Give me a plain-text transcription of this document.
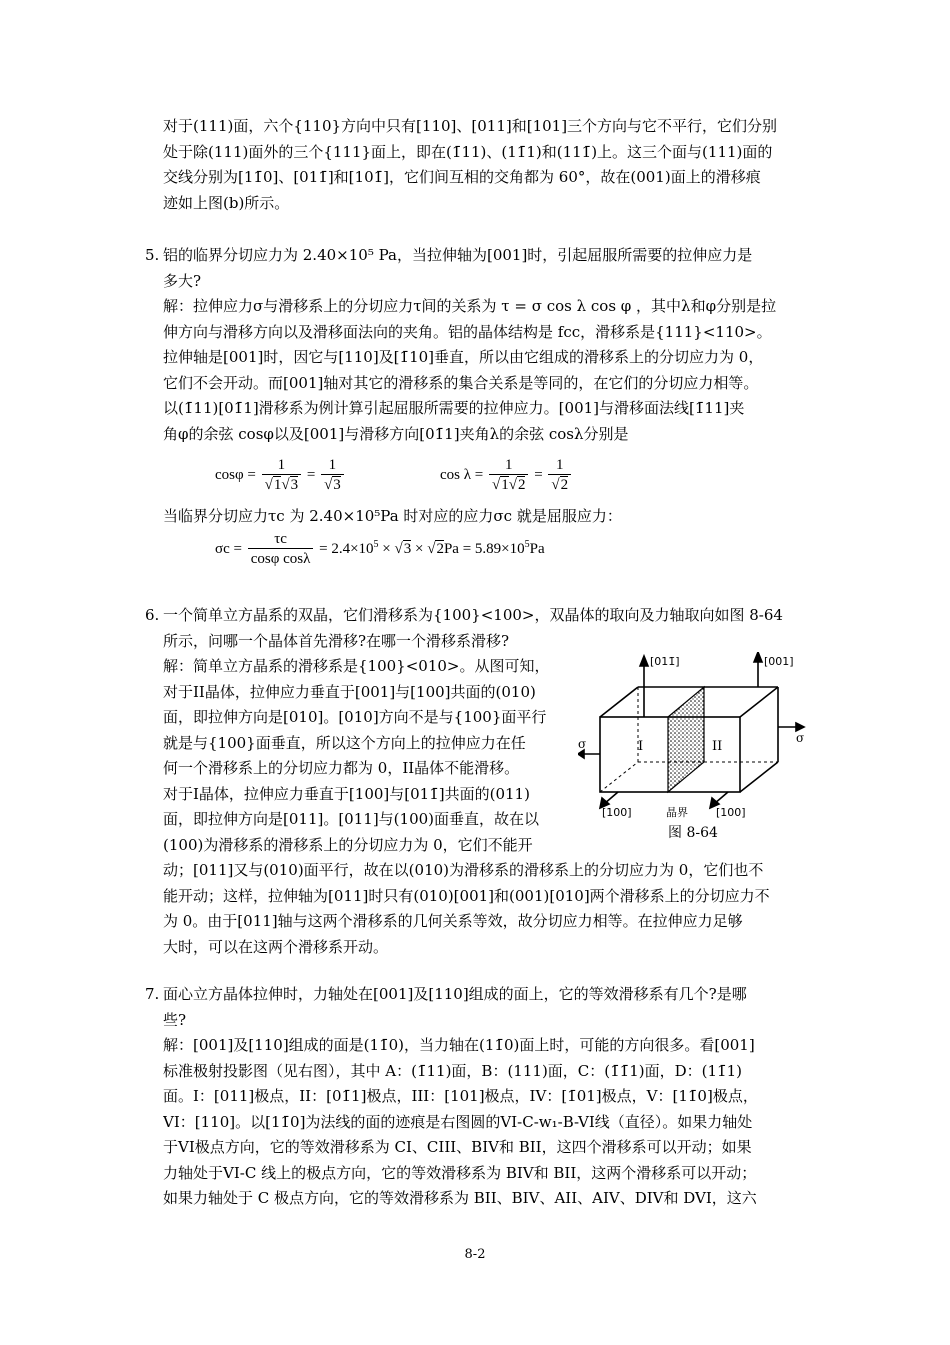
对于(111)面，六个{110}方向中只有[110]、[011]和[101]三个方向与它不平行，它们分别
处于除(111)面外的三个{111}面上，即在(1̄11)、(11̄1)和(111̄)上。这三个面与(111)面的
交线分别为[11̄0]、[011̄]和[101̄]，它们间互相的交角都为 60°，故在(001)面上的滑移痕
迹如上图(b)所示。
5. 铝的临界分切应力为 2.40×10⁵ Pa，当拉伸轴为[001]时，引起屈服所需要的拉伸应力是
多大?
解：拉伸应力σ与滑移系上的分切应力τ间的关系为 τ = σ cos λ cos φ ，其中λ和φ分别是拉
伸方向与滑移方向以及滑移面法向的夹角。铝的晶体结构是 fcc，滑移系是{111}<110>。
拉伸轴是[001]时，因它与[110]及[1̄10]垂直，所以由它组成的滑移系上的分切应力为 0，
它们不会开动。而[001]轴对其它的滑移系的集合关系是等同的，在它们的分切应力相等。
以(1̄11)[01̄1]滑移系为例计算引起屈服所需要的拉伸应力。[001]与滑移面法线[1̄11]夹
角φ的余弦 cosφ以及[001]与滑移方向[01̄1]夹角λ的余弦 cosλ分别是
$\cos\varphi = \frac{1}{√1√3} = \frac{1}{√3}$	$\cos \lambda = \frac{1}{√1√2} = \frac{1}{√2}$
当临界分切应力τc 为 2.40×10⁵Pa 时对应的应力σc 就是屈服应力：
$\sigma c = \frac{\tau c}{\text{cosφ cosλ}} = 2.4\times 10^5 \times √3 \times √2Pa = 5.89\times 10^5Pa$
6. 一个简单立方晶系的双晶，它们滑移系为{100}<100>，双晶体的取向及力轴取向如图 8-64
所示，问哪一个晶体首先滑移?在哪一个滑移系滑移?
解：简单立方晶系的滑移系是{100}<010>。从图可知，
对于II晶体，拉伸应力垂直于[001]与[100]共面的(010)
面，即拉伸方向是[010]。[010]方向不是与{100}面平行
就是与{100}面垂直，所以这个方向上的拉伸应力在任
何一个滑移系上的分切应力都为 0，II晶体不能滑移。
对于I晶体，拉伸应力垂直于[100]与[011̄]共面的(011)
面，即拉伸方向是[011]。[011]与(100)面垂直，故在以
(100)为滑移系的滑移系上的分切应力为 0，它们不能开
动；[011]又与(010)面平行，故在以(010)为滑移系的滑移系上的分切应力为 0，它们也不
能开动；这样，拉伸轴为[011]时只有(010)[001]和(001)[010]两个滑移系上的分切应力不
为 0。由于[011]轴与这两个滑移系的几何关系等效，故分切应力相等。在拉伸应力足够
大时，可以在这两个滑移系开动。
[011̄]	[001]
I	II
σ	σ
[100]	晶界	[100]
图 8-64
7. 面心立方晶体拉伸时，力轴处在[001]及[110]组成的面上，它的等效滑移系有几个?是哪
些?
解：[001]及[110]组成的面是(11̄0)，当力轴在(11̄0)面上时，可能的方向很多。看[001]
标准极射投影图（见右图），其中 A：(1̄11)面，B：(111)面，C：(1̄1̄1)面，D：(11̄1)
面。I：[011]极点，II：[01̄1]极点，III：[101]极点，IV：[1̄01]极点，V：[11̄0]极点，
VI：[110]。以[11̄0]为法线的面的迹痕是右图圆的VI-C-w₁-B-VI线（直径）。如果力轴处
于VI极点方向，它的等效滑移系为 CI、CIII、BIV和 BII，这四个滑移系可以开动；如果
力轴处于VI-C 线上的极点方向，它的等效滑移系为 BIV和 BII，这两个滑移系可以开动；
如果力轴处于 C 极点方向，它的等效滑移系为 BII、BIV、AII、AIV、DIV和 DVI，这六
8-2
